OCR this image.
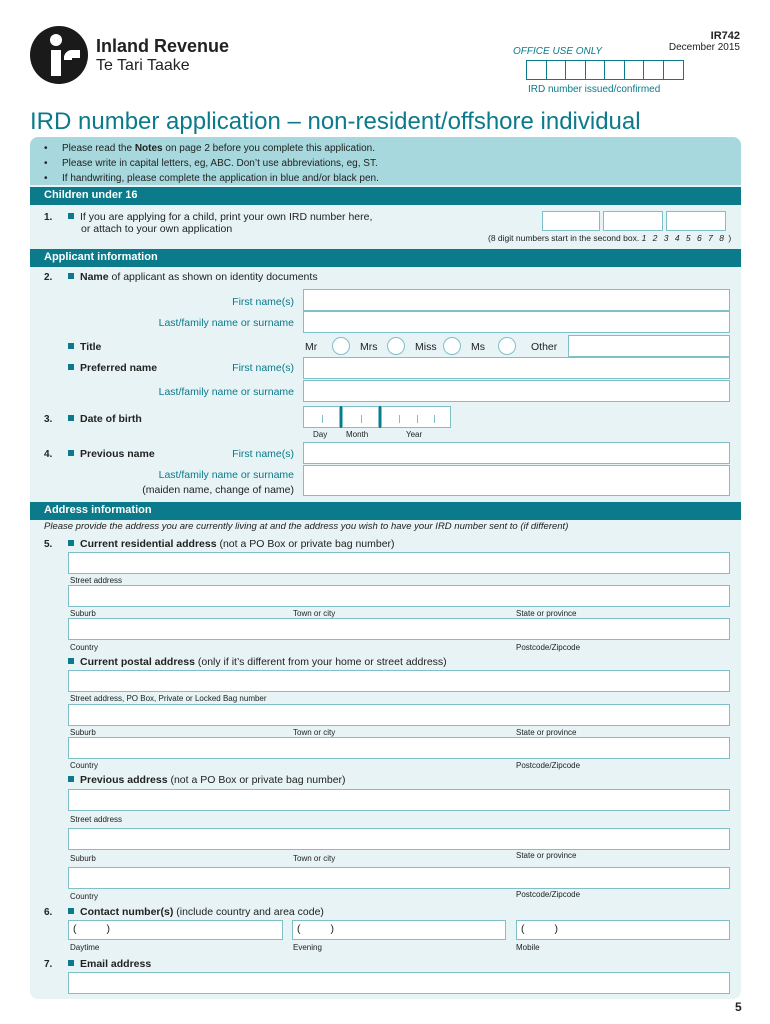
Inland Revenue
Te Tari Taake
IR742
December 2015
OFFICE USE ONLY
IRD number issued/confirmed
IRD number application – non-resident/offshore individual
• Please read the Notes on page 2 before you complete this application.
• Please write in capital letters, eg, ABC. Don’t use abbreviations, eg, ST.
• If handwriting, please complete the application in blue and/or black pen.
Children under 16
1.	If you are applying for a child, print your own IRD number here,
or attach to your own application
(8 digit numbers start in the second box. 1 2 3 4 5 6 7 8 )
Applicant information
2.	Name of applicant as shown on identity documents
First name(s)
Last/family name or surname
Title	Mr	Mrs	Miss	Ms	Other
Preferred name	First name(s)
Last/family name or surname
3.	Date of birth
Day Month	Year
4.	Previous name	First name(s)
Last/family name or surname
(maiden name, change of name)
Address information
Please provide the address you are currently living at and the address you wish to have your IRD number sent to (if different)
5.	Current residential address (not a PO Box or private bag number)
Street address
Suburb	Town or city	State or province
Country	Postcode/Zipcode
Current postal address (only if it’s different from your home or street address)
Street address, PO Box, Private or Locked Bag number
Suburb	Town or city	State or province
Country	Postcode/Zipcode
Previous address (not a PO Box or private bag number)
Street address
Suburb	Town or city	State or province
Country	Postcode/Zipcode
6.	Contact number(s) (include country and area code)
(	)	(	)	(	)
Daytime	Evening	Mobile
7.	Email address
5
